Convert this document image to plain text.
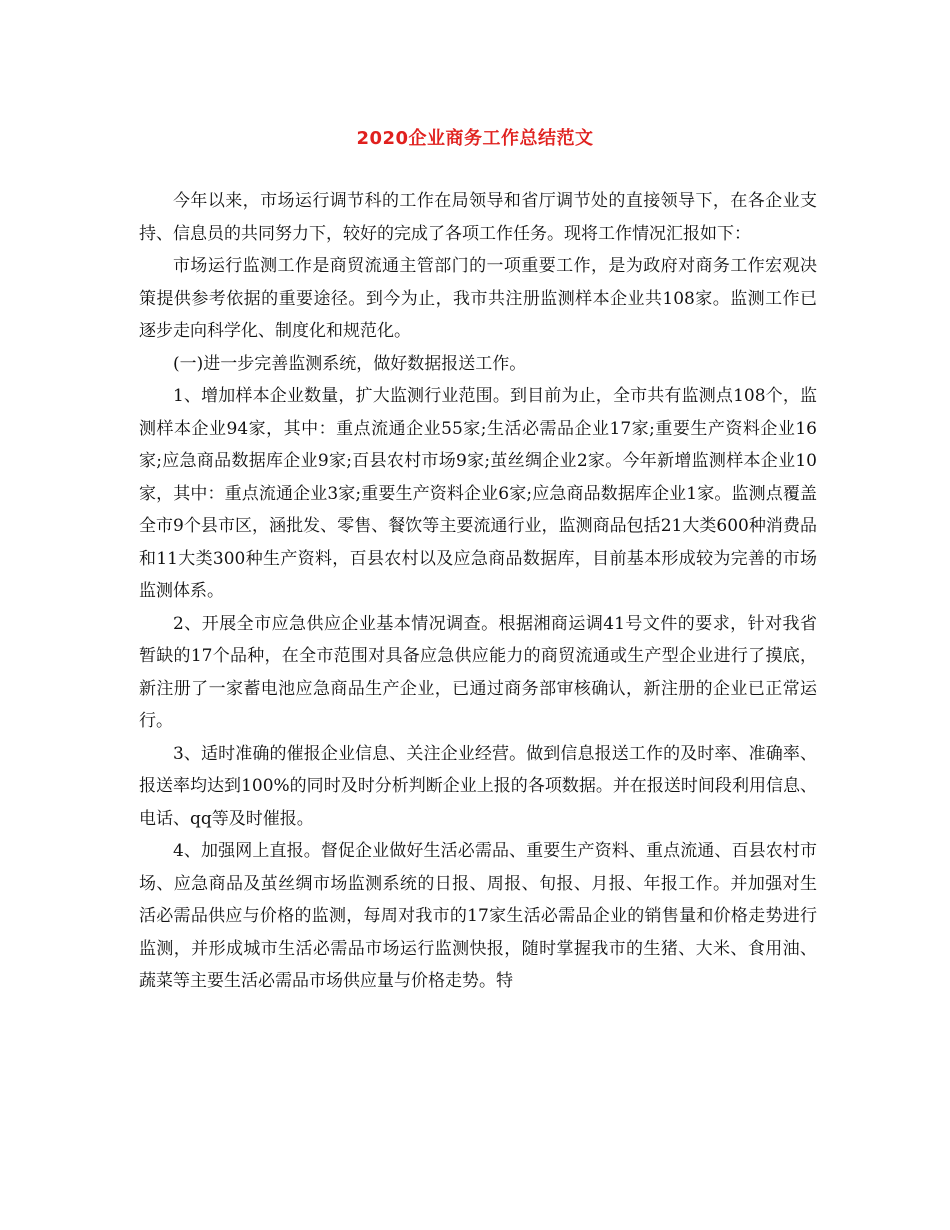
2020企业商务工作总结范文

今年以来，市场运行调节科的工作在局领导和省厅调节处的直接领导下，在各企业支持、信息员的共同努力下，较好的完成了各项工作任务。现将工作情况汇报如下：

市场运行监测工作是商贸流通主管部门的一项重要工作，是为政府对商务工作宏观决策提供参考依据的重要途径。到今为止，我市共注册监测样本企业共108家。监测工作已逐步走向科学化、制度化和规范化。

(一)进一步完善监测系统，做好数据报送工作。

1、增加样本企业数量，扩大监测行业范围。到目前为止，全市共有监测点108个，监测样本企业94家，其中：重点流通企业55家;生活必需品企业17家;重要生产资料企业16家;应急商品数据库企业9家;百县农村市场9家;茧丝绸企业2家。今年新增监测样本企业10家，其中：重点流通企业3家;重要生产资料企业6家;应急商品数据库企业1家。监测点覆盖全市9个县市区，涵批发、零售、餐饮等主要流通行业，监测商品包括21大类600种消费品和11大类300种生产资料，百县农村以及应急商品数据库，目前基本形成较为完善的市场监测体系。

2、开展全市应急供应企业基本情况调查。根据湘商运调41号文件的要求，针对我省暂缺的17个品种，在全市范围对具备应急供应能力的商贸流通或生产型企业进行了摸底，新注册了一家蓄电池应急商品生产企业，已通过商务部审核确认，新注册的企业已正常运行。

3、适时准确的催报企业信息、关注企业经营。做到信息报送工作的及时率、准确率、报送率均达到100%的同时及时分析判断企业上报的各项数据。并在报送时间段利用信息、电话、qq等及时催报。

4、加强网上直报。督促企业做好生活必需品、重要生产资料、重点流通、百县农村市场、应急商品及茧丝绸市场监测系统的日报、周报、旬报、月报、年报工作。并加强对生活必需品供应与价格的监测，每周对我市的17家生活必需品企业的销售量和价格走势进行监测，并形成城市生活必需品市场运行监测快报，随时掌握我市的生猪、大米、食用油、蔬菜等主要生活必需品市场供应量与价格走势。特
